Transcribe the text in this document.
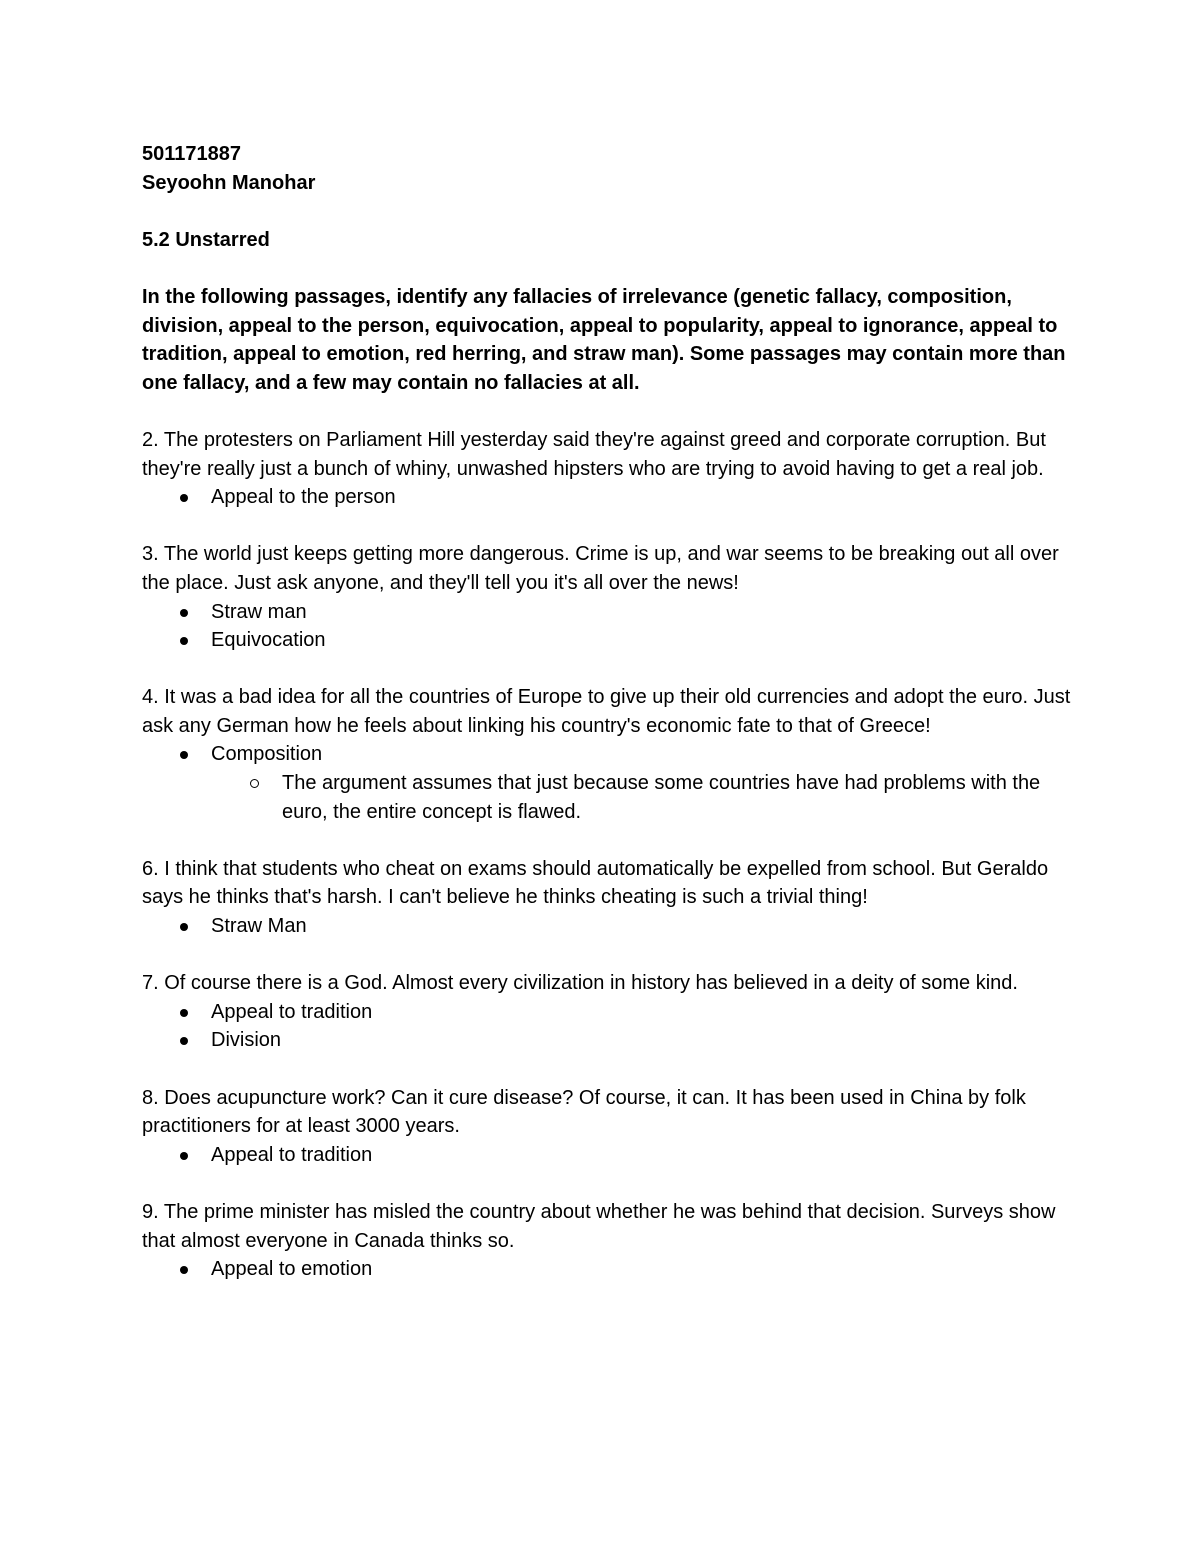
501171887

Seyoohn Manohar

5.2 Unstarred

In the following passages, identify any fallacies of irrelevance (genetic fallacy, composition, division, appeal to the person, equivocation, appeal to popularity, appeal to ignorance, appeal to tradition, appeal to emotion, red herring, and straw man). Some passages may contain more than one fallacy, and a few may contain no fallacies at all.

2. The protesters on Parliament Hill yesterday said they're against greed and corporate corruption. But they're really just a bunch of whiny, unwashed hipsters who are trying to avoid having to get a real job.

Appeal to the person

3. The world just keeps getting more dangerous. Crime is up, and war seems to be breaking out all over the place. Just ask anyone, and they'll tell you it's all over the news!

Straw man
Equivocation

4. It was a bad idea for all the countries of Europe to give up their old currencies and adopt the euro. Just ask any German how he feels about linking his country's economic fate to that of Greece!

Composition
The argument assumes that just because some countries have had problems with the euro, the entire concept is flawed.

6. I think that students who cheat on exams should automatically be expelled from school. But Geraldo says he thinks that's harsh. I can't believe he thinks cheating is such a trivial thing!

Straw Man

7. Of course there is a God. Almost every civilization in history has believed in a deity of some kind.

Appeal to tradition
Division

8. Does acupuncture work? Can it cure disease? Of course, it can. It has been used in China by folk practitioners for at least 3000 years.

Appeal to tradition

9. The prime minister has misled the country about whether he was behind that decision. Surveys show that almost everyone in Canada thinks so.

Appeal to emotion
